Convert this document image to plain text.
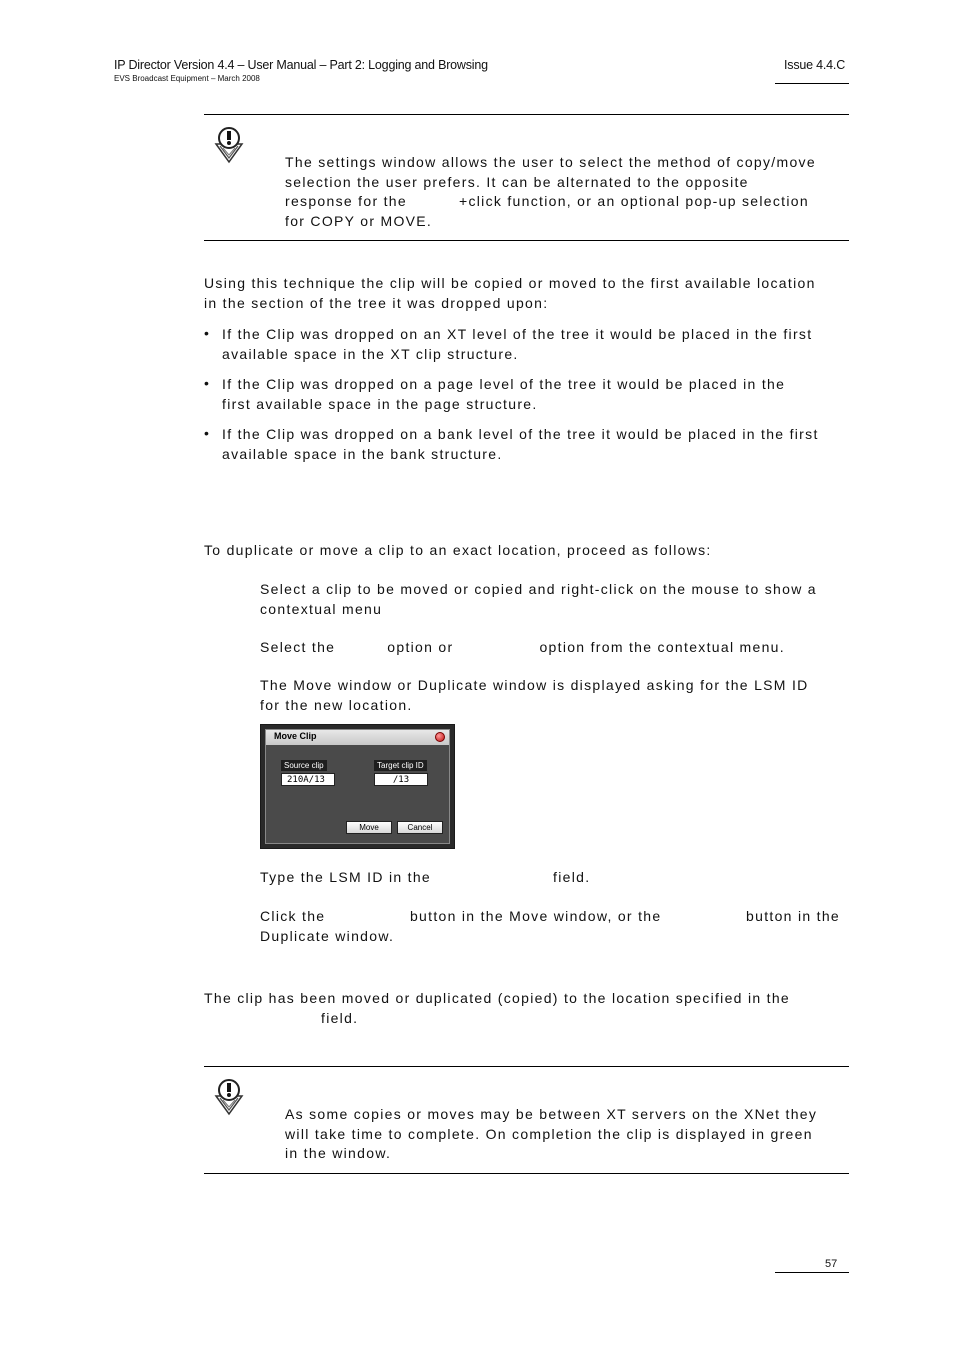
IP Director Version 4.4 – User Manual – Part 2: Logging and Browsing
EVS Broadcast Equipment – March 2008
Issue 4.4.C
The settings window allows the user to select the method of copy/move
selection the user prefers. It can be alternated to the opposite
response for the	+click function, or an optional pop-up selection
for COPY or MOVE.
Using this technique the clip will be copied or moved to the first available location
in the section of the tree it was dropped upon:
• If the Clip was dropped on an XT level of the tree it would be placed in the first
available space in the XT clip structure.
• If the Clip was dropped on a page level of the tree it would be placed in the
first available space in the page structure.
• If the Clip was dropped on a bank level of the tree it would be placed in the first
available space in the bank structure.
To duplicate or move a clip to an exact location, proceed as follows:
Select a clip to be moved or copied and right-click on the mouse to show a
contextual menu
Select the	option or	option from the contextual menu.
The Move window or Duplicate window is displayed asking for the LSM ID
for the new location.
Move Clip
Source clip
210A/13
Target clip ID
/13
Move	Cancel
Type the LSM ID in the	field.
Click the	button in the Move window, or the	button in the
Duplicate window.
The clip has been moved or duplicated (copied) to the location specified in the
field.
As some copies or moves may be between XT servers on the XNet they
will take time to complete. On completion the clip is displayed in green
in the window.
57
